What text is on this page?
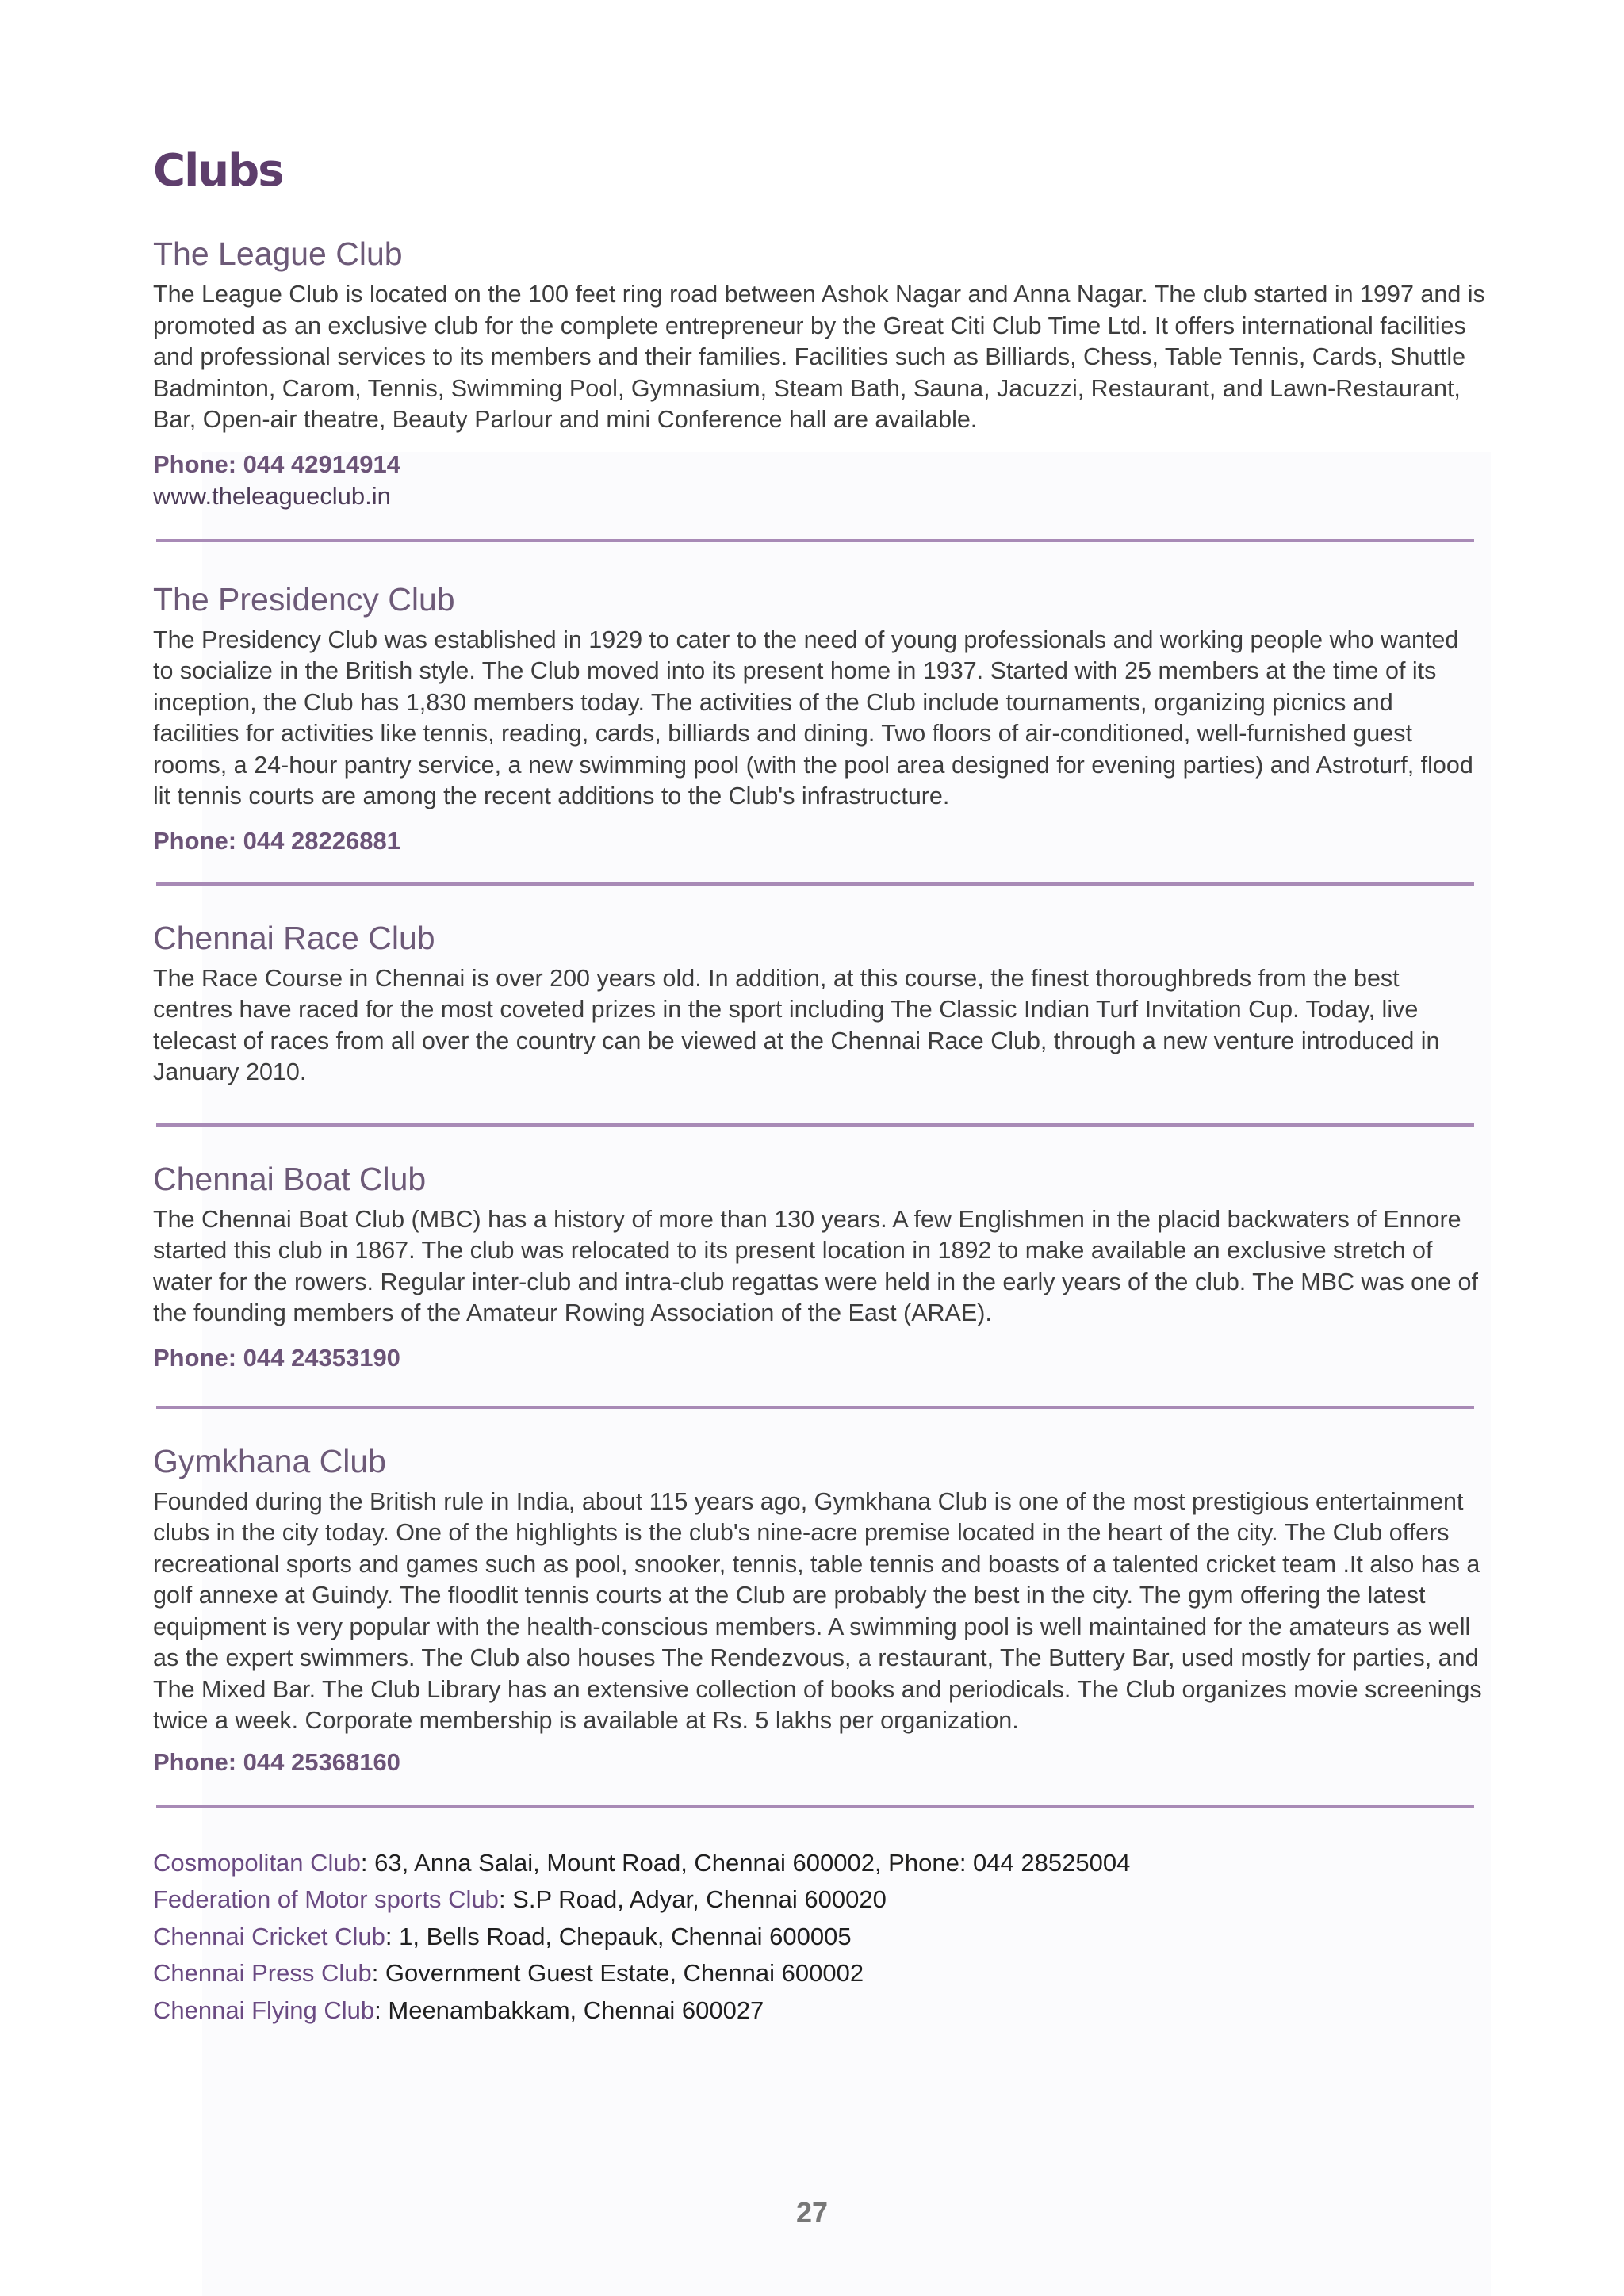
Clubs
The League Club

The League Club is located on the 100 feet ring road between Ashok Nagar and Anna Nagar. The club started in 1997 and is promoted as an exclusive club for the complete entrepreneur by the Great Citi Club Time Ltd. It offers international facilities and professional services to its members and their families. Facilities such as Billiards, Chess, Table Tennis, Cards, Shuttle Badminton, Carom, Tennis, Swimming Pool, Gymnasium, Steam Bath, Sauna, Jacuzzi, Restaurant, and Lawn-Restaurant, Bar, Open-air theatre, Beauty Parlour and mini Conference hall are available.

Phone: 044 42914914
www.theleagueclub.in
The Presidency Club

The Presidency Club was established in 1929 to cater to the need of young professionals and working people who wanted to socialize in the British style. The Club moved into its present home in 1937. Started with 25 members at the time of its inception, the Club has 1,830 members today. The activities of the Club include tournaments, organizing picnics and facilities for activities like tennis, reading, cards, billiards and dining. Two floors of air-conditioned, well-furnished guest rooms, a 24-hour pantry service, a new swimming pool (with the pool area designed for evening parties) and Astroturf, flood lit tennis courts are among the recent additions to the Club's infrastructure.

Phone: 044 28226881
Chennai Race Club

The Race Course in Chennai is over 200 years old. In addition, at this course, the finest thoroughbreds from the best centres have raced for the most coveted prizes in the sport including The Classic Indian Turf Invitation Cup. Today, live telecast of races from all over the country can be viewed at the Chennai Race Club, through a new venture introduced in January 2010.

Chennai Boat Club

The Chennai Boat Club (MBC) has a history of more than 130 years. A few Englishmen in the placid backwaters of Ennore started this club in 1867. The club was relocated to its present location in 1892 to make available an exclusive stretch of water for the rowers. Regular inter-club and intra-club regattas were held in the early years of the club. The MBC was one of the founding members of the Amateur Rowing Association of the East (ARAE).

Phone: 044 24353190
Gymkhana Club

Founded during the British rule in India, about 115 years ago, Gymkhana Club is one of the most prestigious entertainment clubs in the city today. One of the highlights is the club's nine-acre premise located in the heart of the city. The Club offers recreational sports and games such as pool, snooker, tennis, table tennis and boasts of a talented cricket team .It also has a golf annexe at Guindy. The floodlit tennis courts at the Club are probably the best in the city. The gym offering the latest equipment is very popular with the health-conscious members. A swimming pool is well maintained for the amateurs as well as the expert swimmers. The Club also houses The Rendezvous, a restaurant, The Buttery Bar, used mostly for parties, and The Mixed Bar. The Club Library has an extensive collection of books and periodicals. The Club organizes movie screenings twice a week. Corporate membership is available at Rs. 5 lakhs per organization.

Phone: 044 25368160
Cosmopolitan Club: 63, Anna Salai, Mount Road, Chennai 600002, Phone: 044 28525004
Federation of Motor sports Club: S.P Road, Adyar, Chennai 600020
Chennai Cricket Club: 1, Bells Road, Chepauk, Chennai 600005
Chennai Press Club: Government Guest Estate, Chennai 600002
Chennai Flying Club: Meenambakkam, Chennai 600027
27
